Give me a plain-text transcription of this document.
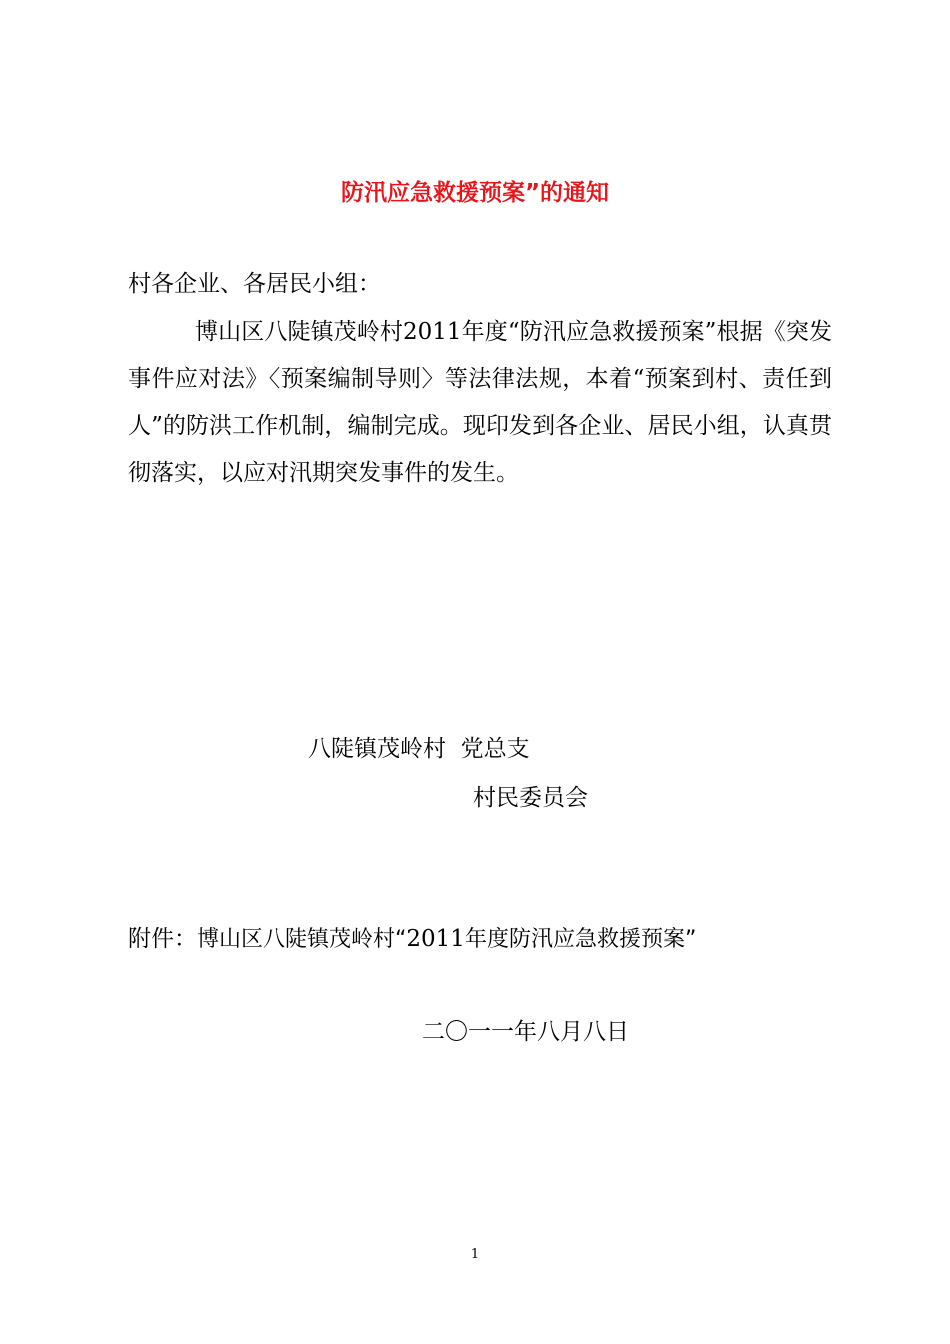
防汛应急救援预案”的通知

村各企业、各居民小组：

博山区八陡镇茂岭村2011年度“防汛应急救援预案”根据《突发事件应对法》〈预案编制导则〉等法律法规，本着“预案到村、责任到人”的防洪工作机制，编制完成。现印发到各企业、居民小组，认真贯彻落实，以应对汛期突发事件的发生。

八陡镇茂岭村  党总支

村民委员会

附件：博山区八陡镇茂岭村“2011年度防汛应急救援预案”

二〇一一年八月八日

1
